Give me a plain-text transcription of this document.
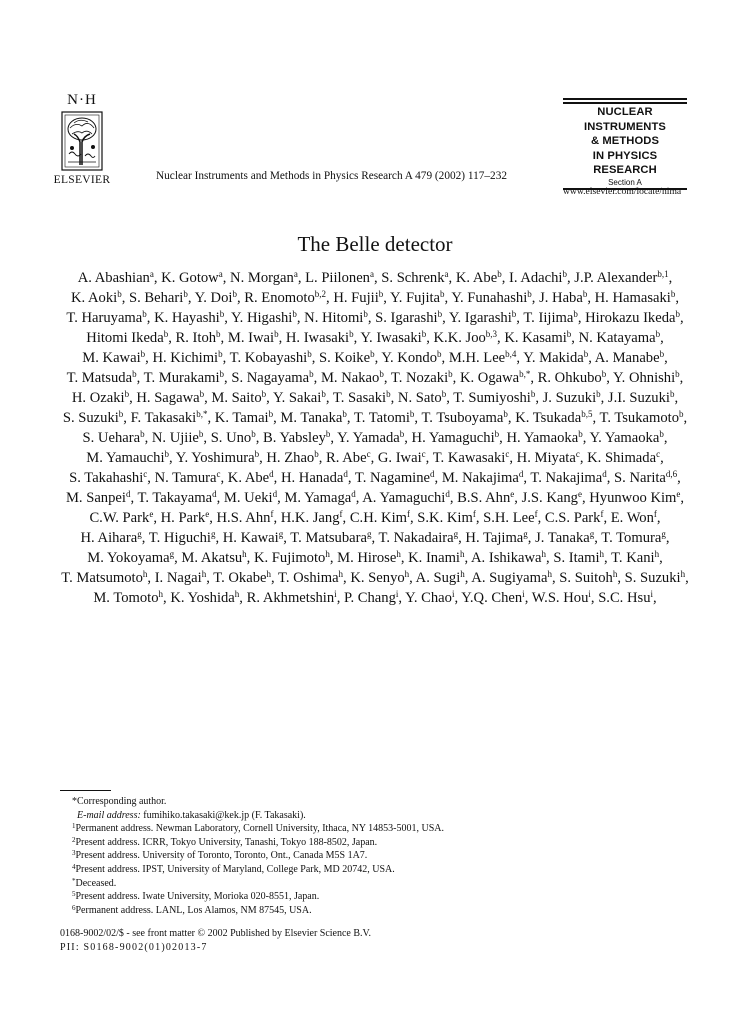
N·H
ELSEVIER	Nuclear Instruments and Methods in Physics Research A 479 (2002) 117–232
NUCLEAR
INSTRUMENTS
& METHODS
IN PHYSICS
RESEARCH
Section A
www.elsevier.com/locate/nima
The Belle detector
A. Abashian$^a$, K. Gotow$^a$, N. Morgan$^a$, L. Piilonen$^a$, S. Schrenk$^a$, K. Abe$^b$, I. Adachi$^b$, J.P. Alexander$^{b,1}$, K. Aoki$^b$, S. Behari$^b$, Y. Doi$^b$, R. Enomoto$^{b,2}$, H. Fujii$^b$, Y. Fujita$^b$, Y. Funahashi$^b$, J. Haba$^b$, H. Hamasaki$^b$, T. Haruyama$^b$, K. Hayashi$^b$, Y. Higashi$^b$, N. Hitomi$^b$, S. Igarashi$^b$, Y. Igarashi$^b$, T. Iijima$^b$, Hirokazu Ikeda$^b$, Hitomi Ikeda$^b$, R. Itoh$^b$, M. Iwai$^b$, H. Iwasaki$^b$, Y. Iwasaki$^b$, K.K. Joo$^{b,3}$, K. Kasami$^b$, N. Katayama$^b$, M. Kawai$^b$, H. Kichimi$^b$, T. Kobayashi$^b$, S. Koike$^b$, Y. Kondo$^b$, M.H. Lee$^{b,4}$, Y. Makida$^b$, A. Manabe$^b$, T. Matsuda$^b$, T. Murakami$^b$, S. Nagayama$^b$, M. Nakao$^b$, T. Nozaki$^b$, K. Ogawa$^{b,*}$, R. Ohkubo$^b$, Y. Ohnishi$^b$, H. Ozaki$^b$, H. Sagawa$^b$, M. Saito$^b$, Y. Sakai$^b$, T. Sasaki$^b$, N. Sato$^b$, T. Sumiyoshi$^b$, J. Suzuki$^b$, J.I. Suzuki$^b$, S. Suzuki$^b$, F. Takasaki$^{b,*}$, K. Tamai$^b$, M. Tanaka$^b$, T. Tatomi$^b$, T. Tsuboyama$^b$, K. Tsukada$^{b,5}$, T. Tsukamoto$^b$, S. Uehara$^b$, N. Ujiie$^b$, S. Uno$^b$, B. Yabsley$^b$, Y. Yamada$^b$, H. Yamaguchi$^b$, H. Yamaoka$^b$, Y. Yamaoka$^b$, M. Yamauchi$^b$, Y. Yoshimura$^b$, H. Zhao$^b$, R. Abe$^c$, G. Iwai$^c$, T. Kawasaki$^c$, H. Miyata$^c$, K. Shimada$^c$, S. Takahashi$^c$, N. Tamura$^c$, K. Abe$^d$, H. Hanada$^d$, T. Nagamine$^d$, M. Nakajima$^d$, T. Nakajima$^d$, S. Narita$^{d,6}$, M. Sanpei$^d$, T. Takayama$^d$, M. Ueki$^d$, M. Yamaga$^d$, A. Yamaguchi$^d$, B.S. Ahn$^e$, J.S. Kang$^e$, Hyunwoo Kim$^e$, C.W. Park$^e$, H. Park$^e$, H.S. Ahn$^f$, H.K. Jang$^f$, C.H. Kim$^f$, S.K. Kim$^f$, S.H. Lee$^f$, C.S. Park$^f$, E. Won$^f$, H. Aihara$^g$, T. Higuchi$^g$, H. Kawai$^g$, T. Matsubara$^g$, T. Nakadaira$^g$, H. Tajima$^g$, J. Tanaka$^g$, T. Tomura$^g$, M. Yokoyama$^g$, M. Akatsu$^h$, K. Fujimoto$^h$, M. Hirose$^h$, K. Inami$^h$, A. Ishikawa$^h$, S. Itami$^h$, T. Kani$^h$, T. Matsumoto$^h$, I. Nagai$^h$, T. Okabe$^h$, T. Oshima$^h$, K. Senyo$^h$, A. Sugi$^h$, A. Sugiyama$^h$, S. Suitoh$^h$, S. Suzuki$^h$, M. Tomoto$^h$, K. Yoshida$^h$, R. Akhmetshin$^i$, P. Chang$^i$, Y. Chao$^i$, Y.Q. Chen$^i$, W.S. Hou$^i$, S.C. Hsu$^i$,
*Corresponding author.
E-mail address: fumihiko.takasaki@kek.jp (F. Takasaki).
$^1$Permanent address. Newman Laboratory, Cornell University, Ithaca, NY 14853-5001, USA.
$^2$Present address. ICRR, Tokyo University, Tanashi, Tokyo 188-8502, Japan.
$^3$Present address. University of Toronto, Toronto, Ont., Canada M5S 1A7.
$^4$Present address. IPST, University of Maryland, College Park, MD 20742, USA.
*Deceased.
$^5$Present address. Iwate University, Morioka 020-8551, Japan.
$^6$Permanent address. LANL, Los Alamos, NM 87545, USA.
0168-9002/02/$ - see front matter © 2002 Published by Elsevier Science B.V.
PII: S0168-9002(01)02013-7
